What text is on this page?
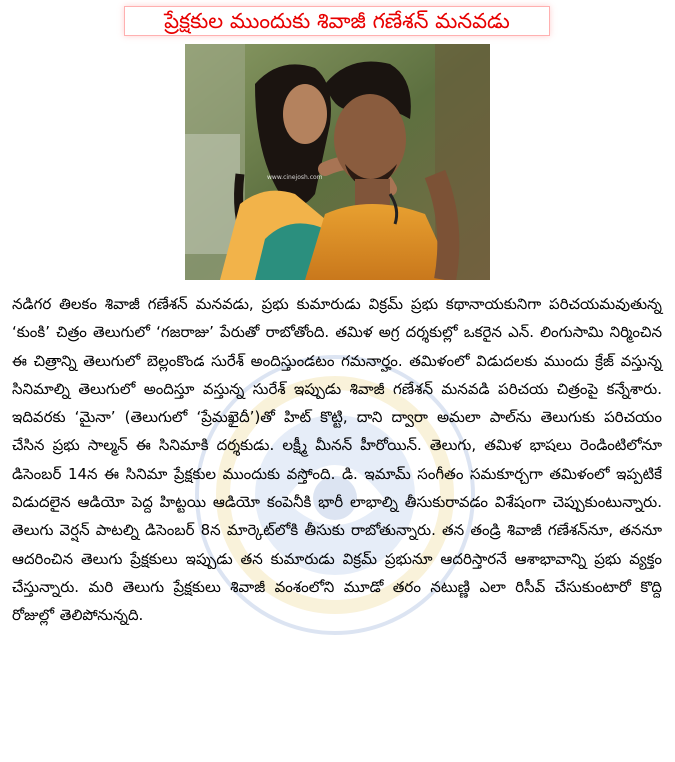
ప్రేక్షకుల ముందుకు శివాజీ గణేశన్ మనవడు
www.cinejosh.com

నడిగర తిలకం శివాజీ గణేశన్ మనవడు, ప్రభు కుమారుడు విక్రమ్ ప్రభు కథానాయకునిగా పరిచయమవుతున్న ‘కుంకి’ చిత్రం తెలుగులో ‘గజరాజు’ పేరుతో రాబోతోంది. తమిళ అగ్ర దర్శకుల్లో ఒకరైన ఎన్. లింగుసామి నిర్మించిన ఈ చిత్రాన్ని తెలుగులో బెల్లంకొండ సురేశ్ అందిస్తుండటం గమనార్హం. తమిళంలో విడుదలకు ముందు క్రేజ్ వస్తున్న సినిమాల్ని తెలుగులో అందిస్తూ వస్తున్న సురేశ్ ఇప్పుడు శివాజీ గణేశన్ మనవడి పరిచయ చిత్రంపై కన్నేశారు. ఇదివరకు ‘మైనా’ (తెలుగులో ‘ప్రేమఖైదీ’)తో హిట్ కొట్టి, దాని ద్వారా అమలా పాల్‌ను తెలుగుకు పరిచయం చేసిన ప్రభు సాల్మన్ ఈ సినిమాకి దర్శకుడు. లక్ష్మీ మీనన్ హీరోయిన్. తెలుగు, తమిళ భాషలు రెండింటిలోనూ డిసెంబర్ 14న ఈ సినిమా ప్రేక్షకుల ముందుకు వస్తోంది. డి. ఇమామ్ సంగీతం సమకూర్చగా తమిళంలో ఇప్పటికే విడుదలైన ఆడియో పెద్ద హిట్టయి ఆడియో కంపెనీకి భారీ లాభాల్ని తీసుకురావడం విశేషంగా చెప్పుకుంటున్నారు. తెలుగు వెర్షన్ పాటల్ని డిసెంబర్ 8న మార్కెట్‌లోకి తీసుకు రాబోతున్నారు. తన తండ్రి శివాజీ గణేశన్‌నూ, తననూ ఆదరించిన తెలుగు ప్రేక్షకులు ఇప్పుడు తన కుమారుడు విక్రమ్ ప్రభునూ ఆదరిస్తారనే ఆశాభావాన్ని ప్రభు వ్యక్తం చేస్తున్నారు. మరి తెలుగు ప్రేక్షకులు శివాజీ వంశంలోని మూడో తరం నటుణ్ణి ఎలా రిసీవ్ చేసుకుంటారో కొద్ది రోజుల్లో తెలిపోనున్నది.
